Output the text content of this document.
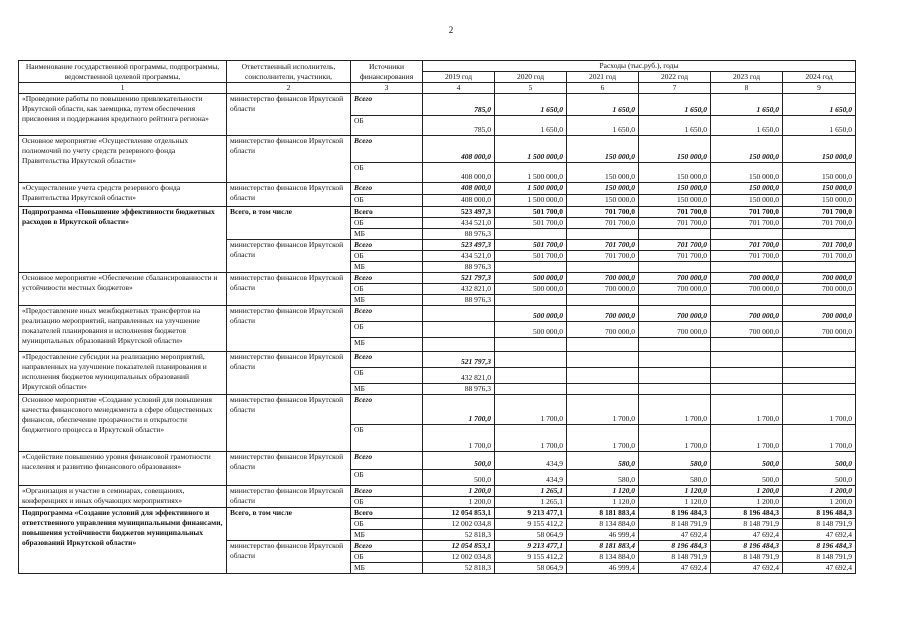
2
Наименование государственной программы, подпрограммы, ведомственной целевой программы,	Ответственный исполнитель, соисполнители, участники,	Источники финансирования	Расходы (тыс.руб.), годы					
			2019 год	2020 год	2021 год	2022 год	2023 год	2024 год
1	2	3	4	5	6	7	8	9
«Проведение работы по повышению привлекательности Иркутской области, как заемщика, путем обеспечения присвоения и поддержания кредитного рейтинга региона»	министерство финансов Иркутской области	Всего	785,0	1 650,0	1 650,0	1 650,0	1 650,0	1 650,0
		ОБ	785,0	1 650,0	1 650,0	1 650,0	1 650,0	1 650,0
Основное мероприятие «Осуществление отдельных полномочий по учету средств резервного фонда Правительства Иркутской области»	министерство финансов Иркутской области	Всего	408 000,0	1 500 000,0	150 000,0	150 000,0	150 000,0	150 000,0
		ОБ	408 000,0	1 500 000,0	150 000,0	150 000,0	150 000,0	150 000,0
«Осуществление учета средств резервного фонда Правительства Иркутской области»	министерство финансов Иркутской области	Всего	408 000,0	1 500 000,0	150 000,0	150 000,0	150 000,0	150 000,0
		ОБ	408 000,0	1 500 000,0	150 000,0	150 000,0	150 000,0	150 000,0
Подпрограмма «Повышение эффективности бюджетных расходов в Иркутской области»	Всего, в том числе	Всего	523 497,3	501 700,0	701 700,0	701 700,0	701 700,0	701 700,0
		ОБ	434 521,0	501 700,0	701 700,0	701 700,0	701 700,0	701 700,0
		МБ	88 976,3					
	министерство финансов Иркутской области	Всего	523 497,3	501 700,0	701 700,0	701 700,0	701 700,0	701 700,0
		ОБ	434 521,0	501 700,0	701 700,0	701 700,0	701 700,0	701 700,0
		МБ	88 976,3					
Основное мероприятие «Обеспечение сбалансированности и устойчивости местных бюджетов»	министерство финансов Иркутской области	Всего	521 797,3	500 000,0	700 000,0	700 000,0	700 000,0	700 000,0
		ОБ	432 821,0	500 000,0	700 000,0	700 000,0	700 000,0	700 000,0
		МБ	88 976,3					
«Предоставление иных межбюджетных трансфертов на реализацию мероприятий, направленных на улучшение показателей планирования и исполнения бюджетов муниципальных образований Иркутской области»	министерство финансов Иркутской области	Всего		500 000,0	700 000,0	700 000,0	700 000,0	700 000,0
		ОБ		500 000,0	700 000,0	700 000,0	700 000,0	700 000,0
		МБ						
«Предоставление субсидии на реализацию мероприятий, направленных на улучшение показателей планирования и исполнения бюджетов муниципальных образований Иркутской области»	министерство финансов Иркутской области	Всего	521 797,3					
		ОБ	432 821,0					
		МБ	88 976,3					
Основное мероприятие «Создание условий для повышения качества финансового менеджмента в сфере общественных финансов, обеспечение прозрачности и открытости бюджетного процесса в Иркутской области»	министерство финансов Иркутской области	Всего	1 700,0	1 700,0	1 700,0	1 700,0	1 700,0	1 700,0
		ОБ	1 700,0	1 700,0	1 700,0	1 700,0	1 700,0	1 700,0
«Содействие повышению уровня финансовой грамотности населения и развитию финансового образования»	министерство финансов Иркутской области	Всего	500,0	434,9	580,0	580,0	500,0	500,0
		ОБ	500,0	434,9	580,0	580,0	500,0	500,0
«Организация и участие в семинарах, совещаниях, конференциях и иных обучающих мероприятиях»	министерство финансов Иркутской области	Всего	1 200,0	1 265,1	1 120,0	1 120,0	1 200,0	1 200,0
		ОБ	1 200,0	1 265,1	1 120,0	1 120,0	1 200,0	1 200,0
Подпрограмма «Создание условий для эффективного и ответственного управления муниципальными финансами, повышения устойчивости бюджетов муниципальных образований Иркутской области»	Всего, в том числе	Всего	12 054 853,1	9 213 477,1	8 181 883,4	8 196 484,3	8 196 484,3	8 196 484,3
		ОБ	12 002 034,8	9 155 412,2	8 134 884,0	8 148 791,9	8 148 791,9	8 148 791,9
		МБ	52 818,3	58 064,9	46 999,4	47 692,4	47 692,4	47 692,4
	министерство финансов Иркутской области	Всего	12 054 853,1	9 213 477,1	8 181 883,4	8 196 484,3	8 196 484,3	8 196 484,3
		ОБ	12 002 034,8	9 155 412,2	8 134 884,0	8 148 791,9	8 148 791,9	8 148 791,9
		МБ	52 818,3	58 064,9	46 999,4	47 692,4	47 692,4	47 692,4
